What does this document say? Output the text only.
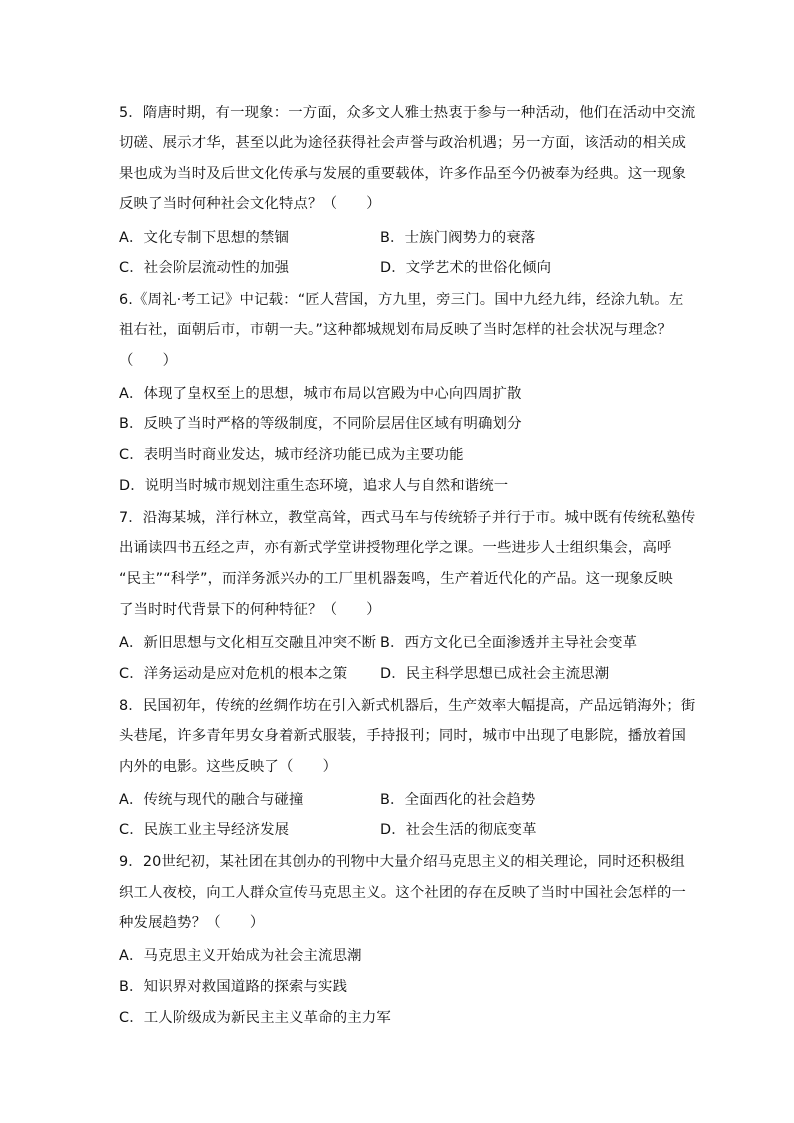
5．隋唐时期，有一现象：一方面，众多文人雅士热衷于参与一种活动，他们在活动中交流
切磋、展示才华，甚至以此为途径获得社会声誉与政治机遇；另一方面，该活动的相关成
果也成为当时及后世文化传承与发展的重要载体，许多作品至今仍被奉为经典。这一现象
反映了当时何种社会文化特点？（　　）
A．文化专制下思想的禁锢	B．士族门阀势力的衰落
C．社会阶层流动性的加强	D．文学艺术的世俗化倾向
6.《周礼·考工记》中记载：“匠人营国，方九里，旁三门。国中九经九纬，经涂九轨。左
祖右社，面朝后市，市朝一夫。”这种都城规划布局反映了当时怎样的社会状况与理念？
（　　）
A．体现了皇权至上的思想，城市布局以宫殿为中心向四周扩散
B．反映了当时严格的等级制度，不同阶层居住区域有明确划分
C．表明当时商业发达，城市经济功能已成为主要功能
D．说明当时城市规划注重生态环境，追求人与自然和谐统一
7．沿海某城，洋行林立，教堂高耸，西式马车与传统轿子并行于市。城中既有传统私塾传
出诵读四书五经之声，亦有新式学堂讲授物理化学之课。一些进步人士组织集会，高呼
“民主”“科学”，而洋务派兴办的工厂里机器轰鸣，生产着近代化的产品。这一现象反映
了当时时代背景下的何种特征？（　　）
A．新旧思想与文化相互交融且冲突不断 B．西方文化已全面渗透并主导社会变革
C．洋务运动是应对危机的根本之策	D．民主科学思想已成社会主流思潮
8．民国初年，传统的丝绸作坊在引入新式机器后，生产效率大幅提高，产品远销海外；街
头巷尾，许多青年男女身着新式服装，手持报刊；同时，城市中出现了电影院，播放着国
内外的电影。这些反映了（　　）
A．传统与现代的融合与碰撞	B．全面西化的社会趋势
C．民族工业主导经济发展	D．社会生活的彻底变革
9．20世纪初，某社团在其创办的刊物中大量介绍马克思主义的相关理论，同时还积极组
织工人夜校，向工人群众宣传马克思主义。这个社团的存在反映了当时中国社会怎样的一
种发展趋势？（　　）
A．马克思主义开始成为社会主流思潮
B．知识界对救国道路的探索与实践
C．工人阶级成为新民主主义革命的主力军
